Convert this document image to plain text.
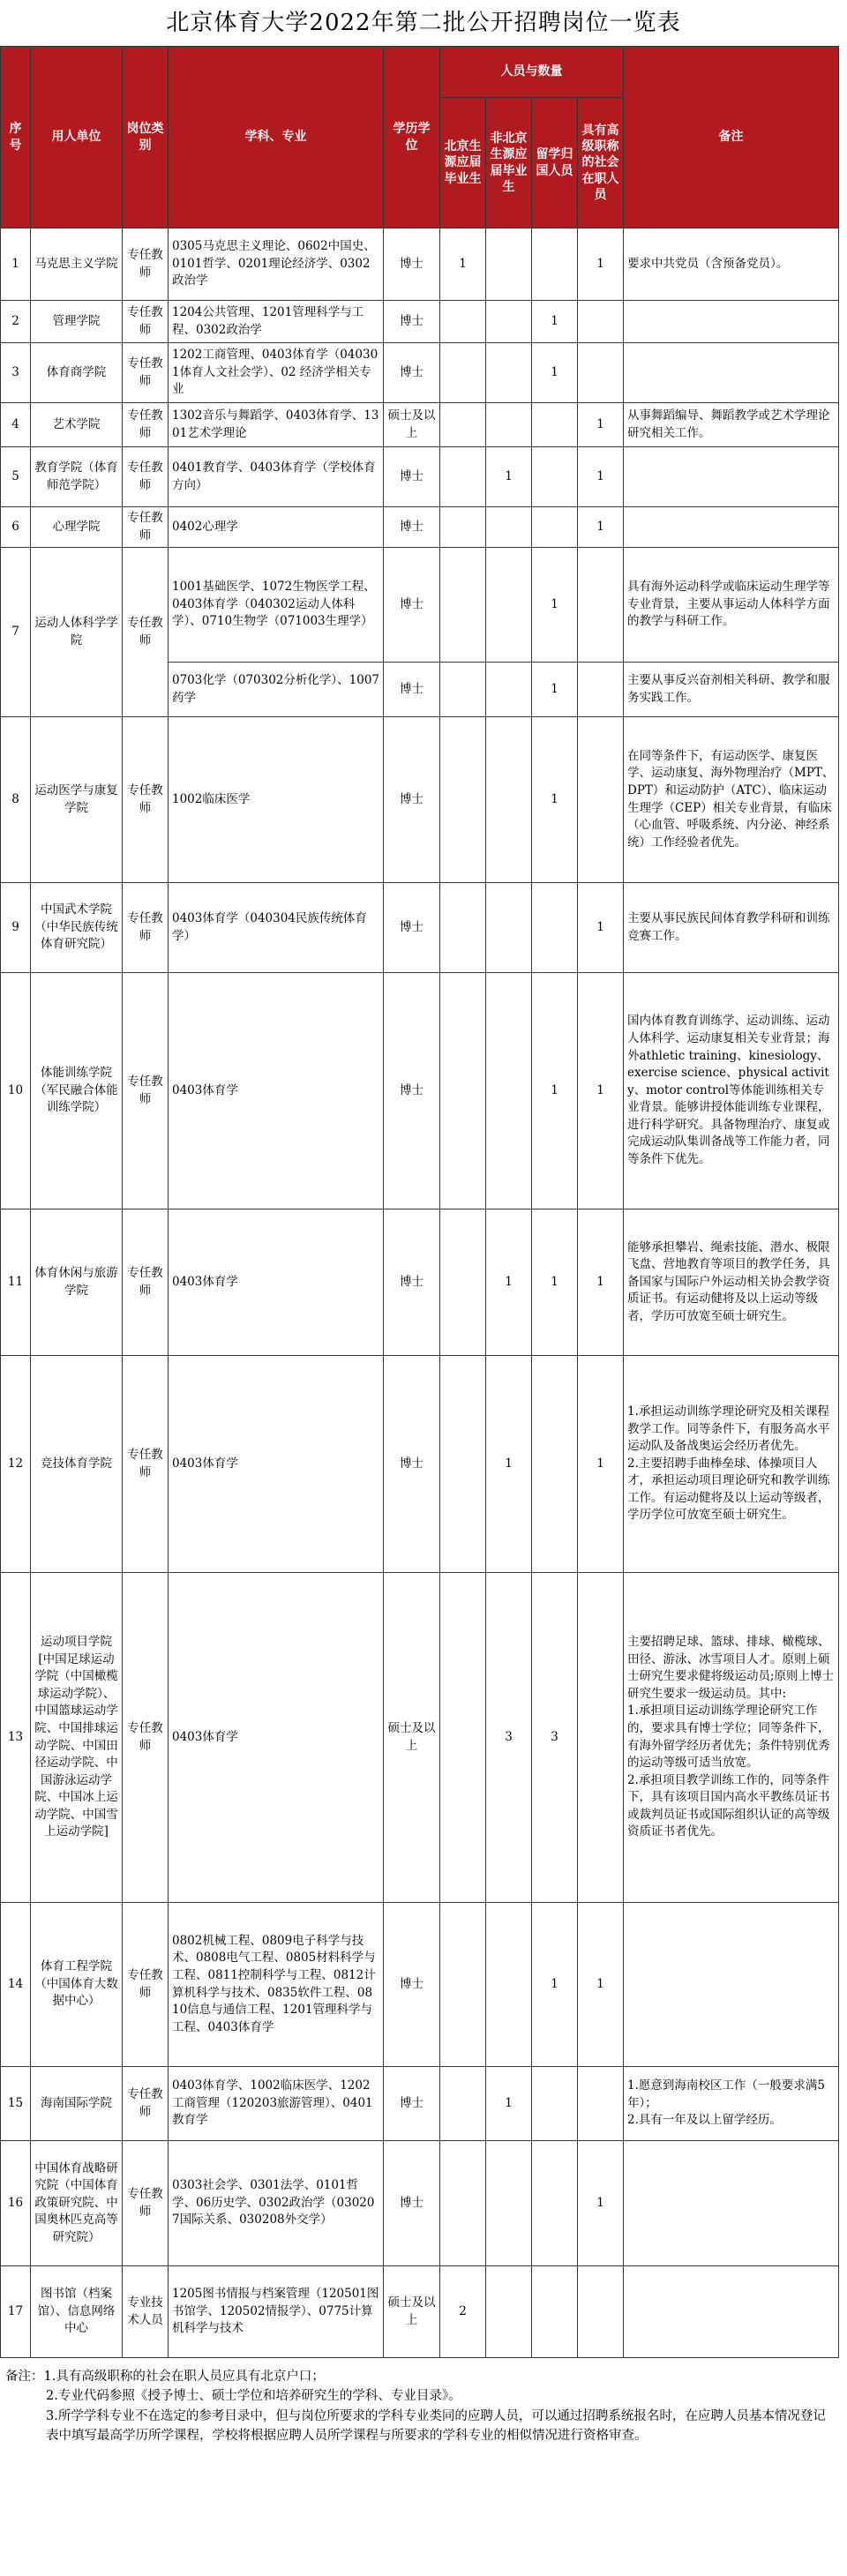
北京体育大学2022年第二批公开招聘岗位一览表
序号	用人单位	岗位类别	学科、专业	学历学位	人员与数量				备注
					北京生源应届毕业生	非北京生源应届毕业生	留学归国人员	具有高级职称的社会在职人员	
1	马克思主义学院	专任教师	0305马克思主义理论、0602中国史、0101哲学、0201理论经济学、0302政治学	博士	1			1	要求中共党员（含预备党员）。
2	管理学院	专任教师	1204公共管理、1201管理科学与工程、0302政治学	博士			1		
3	体育商学院	专任教师	1202工商管理、0403体育学（040301体育人文社会学）、02 经济学相关专业	博士			1		
4	艺术学院	专任教师	1302音乐与舞蹈学、0403体育学、1301艺术学理论	硕士及以上				1	从事舞蹈编导、舞蹈教学或艺术学理论研究相关工作。
5	教育学院（体育师范学院）	专任教师	0401教育学、0403体育学（学校体育方向）	博士		1		1	
6	心理学院	专任教师	0402心理学	博士				1	
7	运动人体科学学院	专任教师	1001基础医学、1072生物医学工程、0403体育学（040302运动人体科学）、0710生物学（071003生理学）	博士			1		具有海外运动科学或临床运动生理学等专业背景，主要从事运动人体科学方面的教学与科研工作。
			0703化学（070302分析化学）、1007药学	博士			1		主要从事反兴奋剂相关科研、教学和服务实践工作。
8	运动医学与康复学院	专任教师	1002临床医学	博士			1		在同等条件下，有运动医学、康复医学、运动康复、海外物理治疗（MPT、DPT）和运动防护（ATC）、临床运动生理学（CEP）相关专业背景，有临床（心血管、呼吸系统、内分泌、神经系统）工作经验者优先。
9	中国武术学院（中华民族传统体育研究院）	专任教师	0403体育学（040304民族传统体育学）	博士				1	主要从事民族民间体育教学科研和训练竞赛工作。
10	体能训练学院（军民融合体能训练学院）	专任教师	0403体育学	博士			1	1	国内体育教育训练学、运动训练、运动人体科学、运动康复相关专业背景；海外athletic training、kinesiology、exercise science、physical activity、motor control等体能训练相关专业背景。能够讲授体能训练专业课程，进行科学研究。具备物理治疗、康复或完成运动队集训备战等工作能力者，同等条件下优先。
11	体育休闲与旅游学院	专任教师	0403体育学	博士		1	1	1	能够承担攀岩、绳索技能、潜水、极限飞盘、营地教育等项目的教学任务，具备国家与国际户外运动相关协会教学资质证书。有运动健将及以上运动等级者，学历可放宽至硕士研究生。
12	竞技体育学院	专任教师	0403体育学	博士		1		1	1.承担运动训练学理论研究及相关课程教学工作。同等条件下，有服务高水平运动队及备战奥运会经历者优先。
2.主要招聘手曲棒垒球、体操项目人才，承担运动项目理论研究和教学训练工作。有运动健将及以上运动等级者，学历学位可放宽至硕士研究生。
13	运动项目学院[中国足球运动学院（中国橄榄球运动学院）、中国篮球运动学院、中国排球运动学院、中国田径运动学院、中国游泳运动学院、中国冰上运动学院、中国雪上运动学院]	专任教师	0403体育学	硕士及以上		3	3		主要招聘足球、篮球、排球、橄榄球、田径、游泳、冰雪项目人才。原则上硕士研究生要求健将级运动员;原则上博士研究生要求一级运动员。其中:
1.承担项目运动训练学理论研究工作的，要求具有博士学位；同等条件下，有海外留学经历者优先；条件特别优秀的运动等级可适当放宽。
2.承担项目教学训练工作的，同等条件下，具有该项目国内高水平教练员证书或裁判员证书或国际组织认证的高等级资质证书者优先。
14	体育工程学院（中国体育大数据中心）	专任教师	0802机械工程、0809电子科学与技术、0808电气工程、0805材料科学与工程、0811控制科学与工程、0812计算机科学与技术、0835软件工程、0810信息与通信工程、1201管理科学与工程、0403体育学	博士			1	1	
15	海南国际学院	专任教师	0403体育学、1002临床医学、1202工商管理（120203旅游管理）、0401教育学	博士		1			1.愿意到海南校区工作（一般要求满5年）；
2.具有一年及以上留学经历。
16	中国体育战略研究院（中国体育政策研究院、中国奥林匹克高等研究院）	专任教师	0303社会学、0301法学、0101哲学、06历史学、0302政治学（030207国际关系、030208外交学）	博士				1	
17	图书馆（档案馆）、信息网络中心	专业技术人员	1205图书情报与档案管理（120501图书馆学、120502情报学）、0775计算机科学与技术	硕士及以上	2				
备注：1.具有高级职称的社会在职人员应具有北京户口；
2.专业代码参照《授予博士、硕士学位和培养研究生的学科、专业目录》。
3.所学学科专业不在选定的参考目录中，但与岗位所要求的学科专业类同的应聘人员，可以通过招聘系统报名时，在应聘人员基本情况登记表中填写最高学历所学课程，学校将根据应聘人员所学课程与所要求的学科专业的相似情况进行资格审查。
